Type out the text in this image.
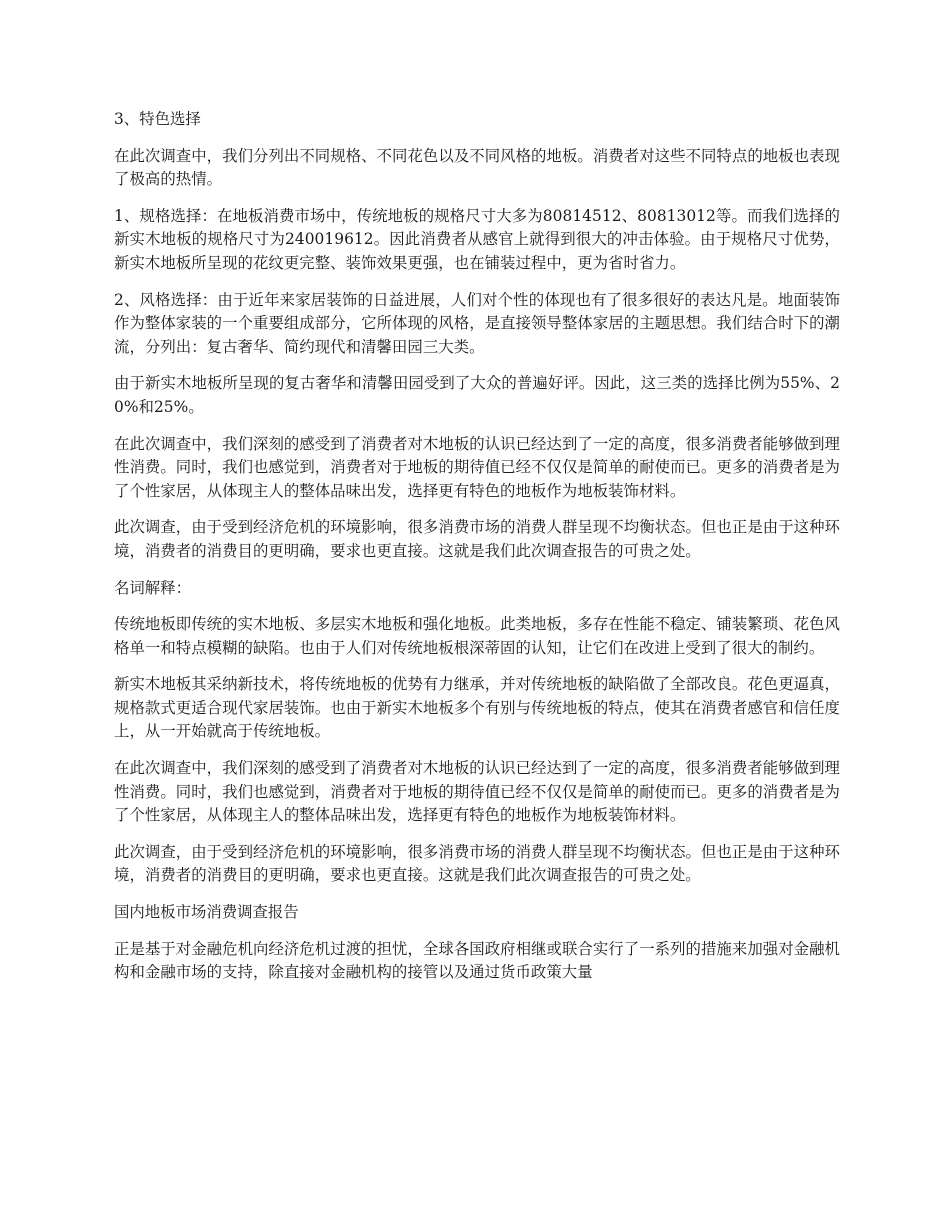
3、特色选择

在此次调查中，我们分列出不同规格、不同花色以及不同风格的地板。消费者对这些不同特点的地板也表现了极高的热情。

1、规格选择：在地板消费市场中，传统地板的规格尺寸大多为80814512、80813012等。而我们选择的新实木地板的规格尺寸为240019612。因此消费者从感官上就得到很大的冲击体验。由于规格尺寸优势，新实木地板所呈现的花纹更完整、装饰效果更强，也在铺装过程中，更为省时省力。

2、风格选择：由于近年来家居装饰的日益进展，人们对个性的体现也有了很多很好的表达凡是。地面装饰作为整体家装的一个重要组成部分，它所体现的风格，是直接领导整体家居的主题思想。我们结合时下的潮流，分列出：复古奢华、简约现代和清馨田园三大类。

由于新实木地板所呈现的复古奢华和清馨田园受到了大众的普遍好评。因此，这三类的选择比例为55%、20%和25%。

在此次调查中，我们深刻的感受到了消费者对木地板的认识已经达到了一定的高度，很多消费者能够做到理性消费。同时，我们也感觉到，消费者对于地板的期待值已经不仅仅是简单的耐使而已。更多的消费者是为了个性家居，从体现主人的整体品味出发，选择更有特色的地板作为地板装饰材料。

此次调查，由于受到经济危机的环境影响，很多消费市场的消费人群呈现不均衡状态。但也正是由于这种环境，消费者的消费目的更明确，要求也更直接。这就是我们此次调查报告的可贵之处。

名词解释：

传统地板即传统的实木地板、多层实木地板和强化地板。此类地板，多存在性能不稳定、铺装繁琐、花色风格单一和特点模糊的缺陷。也由于人们对传统地板根深蒂固的认知，让它们在改进上受到了很大的制约。

新实木地板其采纳新技术，将传统地板的优势有力继承，并对传统地板的缺陷做了全部改良。花色更逼真，规格款式更适合现代家居装饰。也由于新实木地板多个有别与传统地板的特点，使其在消费者感官和信任度上，从一开始就高于传统地板。

在此次调查中，我们深刻的感受到了消费者对木地板的认识已经达到了一定的高度，很多消费者能够做到理性消费。同时，我们也感觉到，消费者对于地板的期待值已经不仅仅是简单的耐使而已。更多的消费者是为了个性家居，从体现主人的整体品味出发，选择更有特色的地板作为地板装饰材料。

此次调查，由于受到经济危机的环境影响，很多消费市场的消费人群呈现不均衡状态。但也正是由于这种环境，消费者的消费目的更明确，要求也更直接。这就是我们此次调查报告的可贵之处。

国内地板市场消费调查报告

正是基于对金融危机向经济危机过渡的担忧，全球各国政府相继或联合实行了一系列的措施来加强对金融机构和金融市场的支持，除直接对金融机构的接管以及通过货币政策大量
